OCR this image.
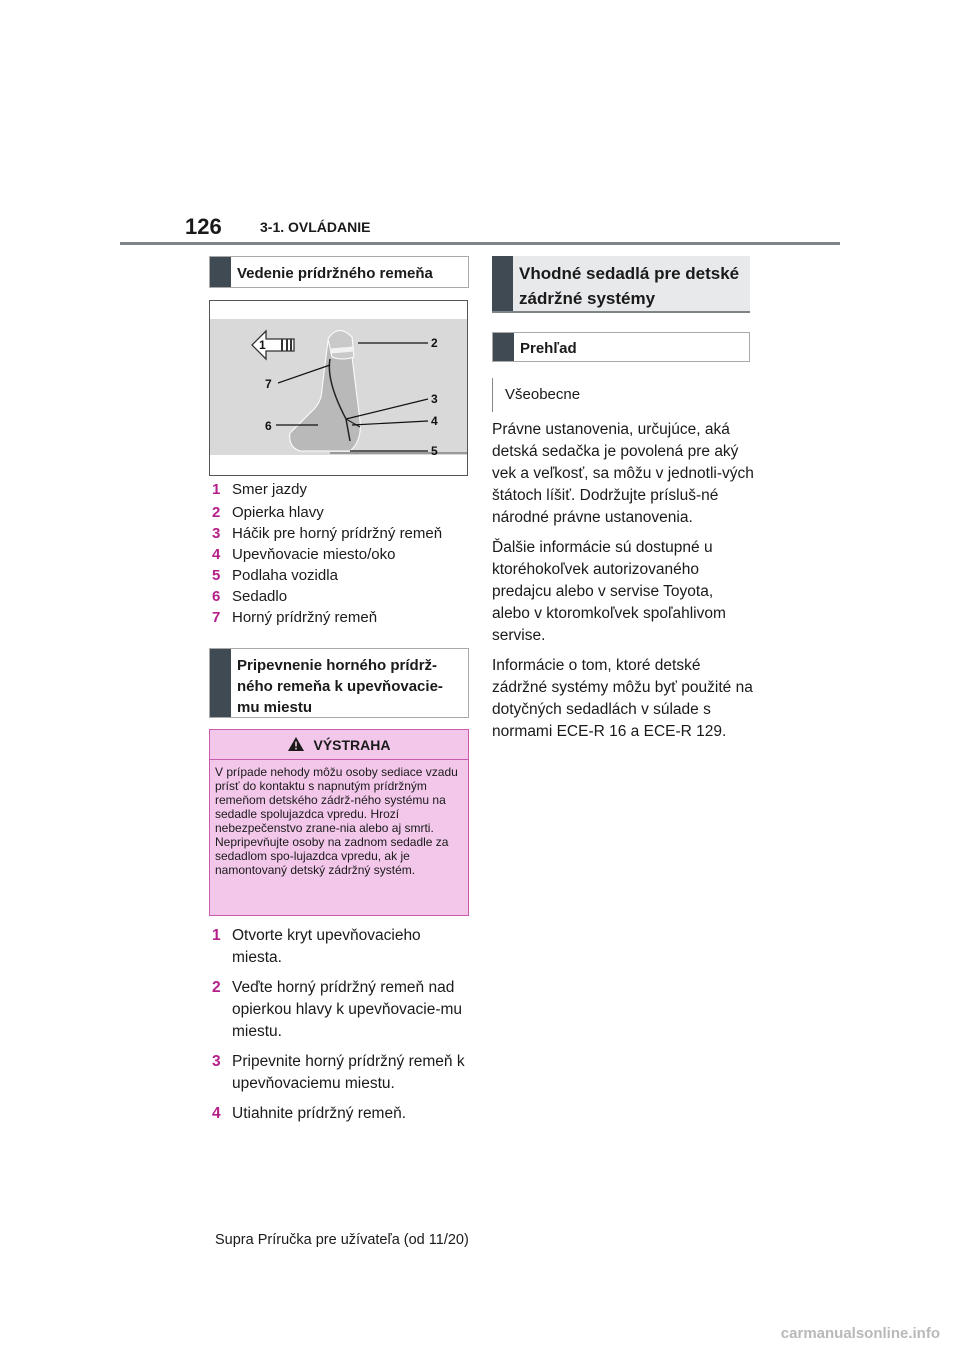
126	3-1. OVLÁDANIE
Vedenie prídržného remeňa
1	2
3
4
5
6
7
1 Smer jazdy
2 Opierka hlavy
3 Háčik pre horný prídržný remeň
4 Upevňovacie miesto/oko
5 Podlaha vozidla
6 Sedadlo
7 Horný prídržný remeň
Pripevnenie horného prídrž-ného remeňa k upevňovacie-mu miestu
VÝSTRAHA
V prípade nehody môžu osoby sediace vzadu prísť do kontaktu s napnutým prídržným remeňom detského zádrž-ného systému na sedadle spolujazdca vpredu. Hrozí nebezpečenstvo zrane-nia alebo aj smrti. Nepripevňujte osoby na zadnom sedadle za sedadlom spo-lujazdca vpredu, ak je namontovaný detský zádržný systém.
1 Otvorte kryt upevňovacieho miesta.
2 Veďte horný prídržný remeň nad opierkou hlavy k upevňovacie-mu miestu.
3 Pripevnite horný prídržný remeň k upevňovaciemu miestu.
4 Utiahnite prídržný remeň.
Vhodné sedadlá pre detské zádržné systémy
Prehľad
Všeobecne
Právne ustanovenia, určujúce, aká detská sedačka je povolená pre aký vek a veľkosť, sa môžu v jednotli-vých štátoch líšiť. Dodržujte prísluš-né národné právne ustanovenia.
Ďalšie informácie sú dostupné u ktoréhokoľvek autorizovaného predajcu alebo v servise Toyota, alebo v ktoromkoľvek spoľahlivom servise.
Informácie o tom, ktoré detské zádržné systémy môžu byť použité na dotyčných sedadlách v súlade s normami ECE-R 16 a ECE-R 129.
Supra Príručka pre užívateľa (od 11/20)
carmanualsonline.info
